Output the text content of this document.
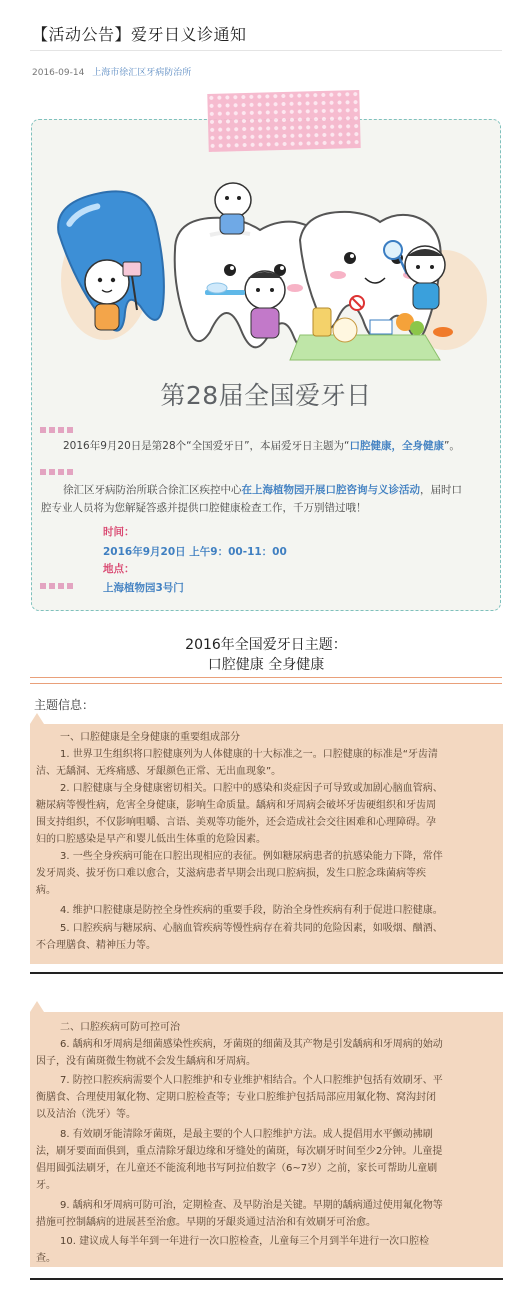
【活动公告】爱牙日义诊通知
2016-09-14 上海市徐汇区牙病防治所
第28届全国爱牙日
2016年9月20日是第28个“全国爱牙日”，本届爱牙日主题为“口腔健康，全身健康”。
徐汇区牙病防治所联合徐汇区疾控中心在上海植物园开展口腔咨询与义诊活动，届时口
腔专业人员将为您解疑答惑并提供口腔健康检查工作，千万别错过哦！
时间：
2016年9月20日 上午9：00-11：00
地点：
上海植物园3号门
2016年全国爱牙日主题：
口腔健康 全身健康
主题信息：
一、口腔健康是全身健康的重要组成部分
1. 世界卫生组织将口腔健康列为人体健康的十大标准之一。口腔健康的标准是“牙齿清
洁、无龋洞、无疼痛感、牙龈颜色正常、无出血现象”。
2. 口腔健康与全身健康密切相关。口腔中的感染和炎症因子可导致或加剧心脑血管病、
糖尿病等慢性病，危害全身健康，影响生命质量。龋病和牙周病会破坏牙齿硬组织和牙齿周
围支持组织，不仅影响咀嚼、言语、美观等功能外，还会造成社会交往困难和心理障碍。孕
妇的口腔感染是早产和婴儿低出生体重的危险因素。
3. 一些全身疾病可能在口腔出现相应的表征。例如糖尿病患者的抗感染能力下降，常伴
发牙周炎、拔牙伤口难以愈合，艾滋病患者早期会出现口腔病损，发生口腔念珠菌病等疾
病。
4. 维护口腔健康是防控全身性疾病的重要手段，防治全身性疾病有利于促进口腔健康。
5. 口腔疾病与糖尿病、心脑血管疾病等慢性病存在着共同的危险因素，如吸烟、酗酒、
不合理膳食、精神压力等。
二、口腔疾病可防可控可治
6. 龋病和牙周病是细菌感染性疾病，牙菌斑的细菌及其产物是引发龋病和牙周病的始动
因子，没有菌斑微生物就不会发生龋病和牙周病。
7. 防控口腔疾病需要个人口腔维护和专业维护相结合。个人口腔维护包括有效刷牙、平
衡膳食、合理使用氟化物、定期口腔检查等；专业口腔维护包括局部应用氟化物、窝沟封闭
以及洁治（洗牙）等。
8. 有效刷牙能清除牙菌斑，是最主要的个人口腔维护方法。成人提倡用水平颤动拂刷
法，刷牙要面面俱到，重点清除牙龈边缘和牙缝处的菌斑，每次刷牙时间至少2分钟。儿童提
倡用圆弧法刷牙，在儿童还不能流利地书写阿拉伯数字（6~7岁）之前，家长可帮助儿童刷
牙。
9. 龋病和牙周病可防可治，定期检查、及早防治是关键。早期的龋病通过使用氟化物等
措施可控制龋病的进展甚至治愈。早期的牙龈炎通过洁治和有效刷牙可治愈。
10. 建议成人每半年到一年进行一次口腔检查，儿童每三个月到半年进行一次口腔检
查。
